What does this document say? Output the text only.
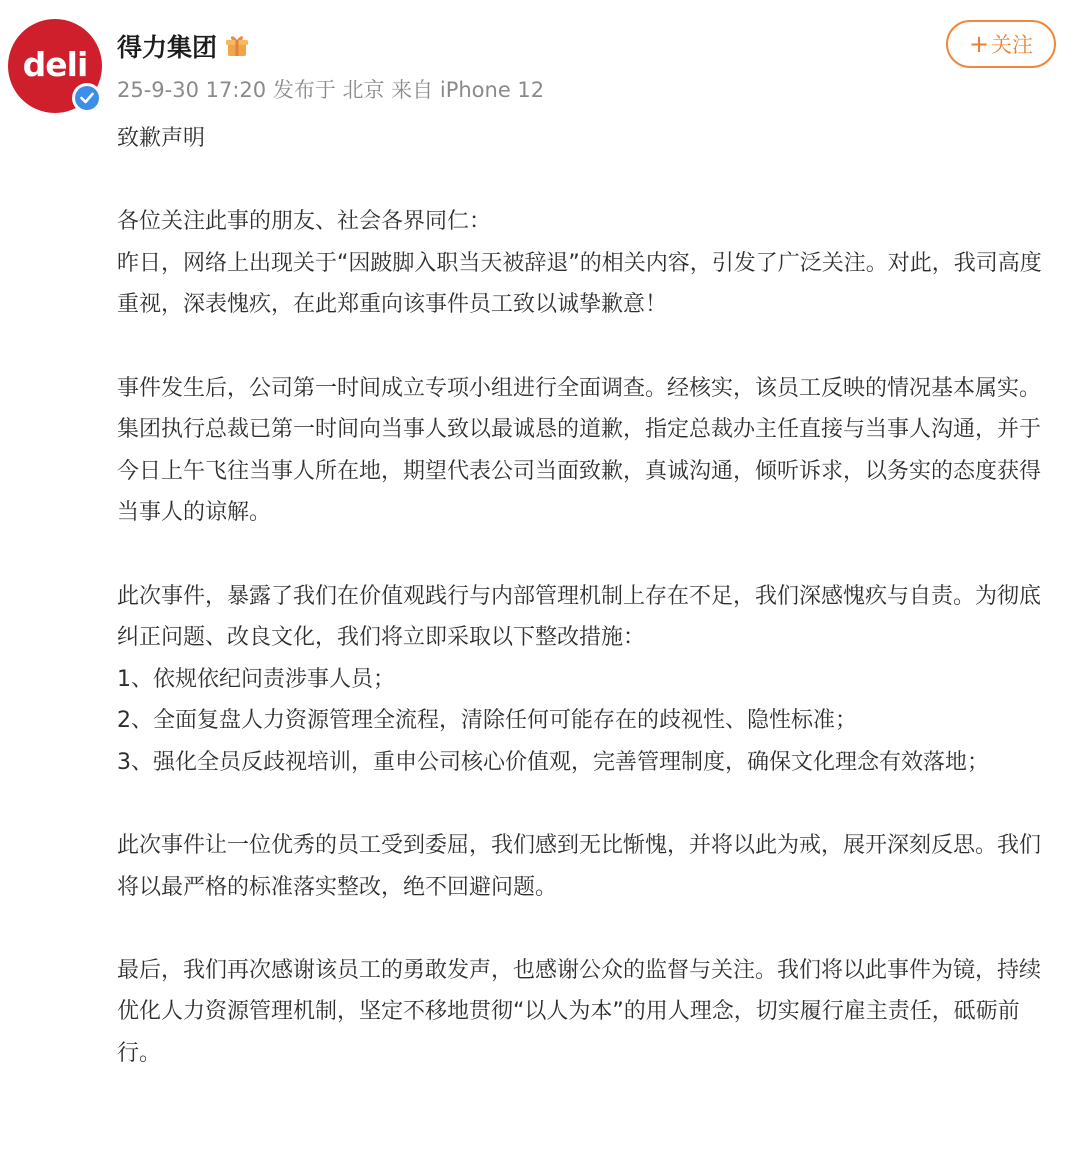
deli 得力集团
25-9-30 17:20 发布于 北京 来自 iPhone 12
+ 关注

致歉声明

各位关注此事的朋友、社会各界同仁：

昨日，网络上出现关于“因跛脚入职当天被辞退”的相关内容，引发了广泛关注。对此，我司高度重视，深表愧疚，在此郑重向该事件员工致以诚挚歉意！

事件发生后，公司第一时间成立专项小组进行全面调查。经核实，该员工反映的情况基本属实。集团执行总裁已第一时间向当事人致以最诚恳的道歉，指定总裁办主任直接与当事人沟通，并于今日上午飞往当事人所在地，期望代表公司当面致歉，真诚沟通，倾听诉求，以务实的态度获得当事人的谅解。

此次事件，暴露了我们在价值观践行与内部管理机制上存在不足，我们深感愧疚与自责。为彻底纠正问题、改良文化，我们将立即采取以下整改措施：

1、依规依纪问责涉事人员；

2、全面复盘人力资源管理全流程，清除任何可能存在的歧视性、隐性标准；

3、强化全员反歧视培训，重申公司核心价值观，完善管理制度，确保文化理念有效落地；

此次事件让一位优秀的员工受到委屈，我们感到无比惭愧，并将以此为戒，展开深刻反思。我们将以最严格的标准落实整改，绝不回避问题。

最后，我们再次感谢该员工的勇敢发声，也感谢公众的监督与关注。我们将以此事件为镜，持续优化人力资源管理机制，坚定不移地贯彻“以人为本”的用人理念，切实履行雇主责任，砥砺前行。
